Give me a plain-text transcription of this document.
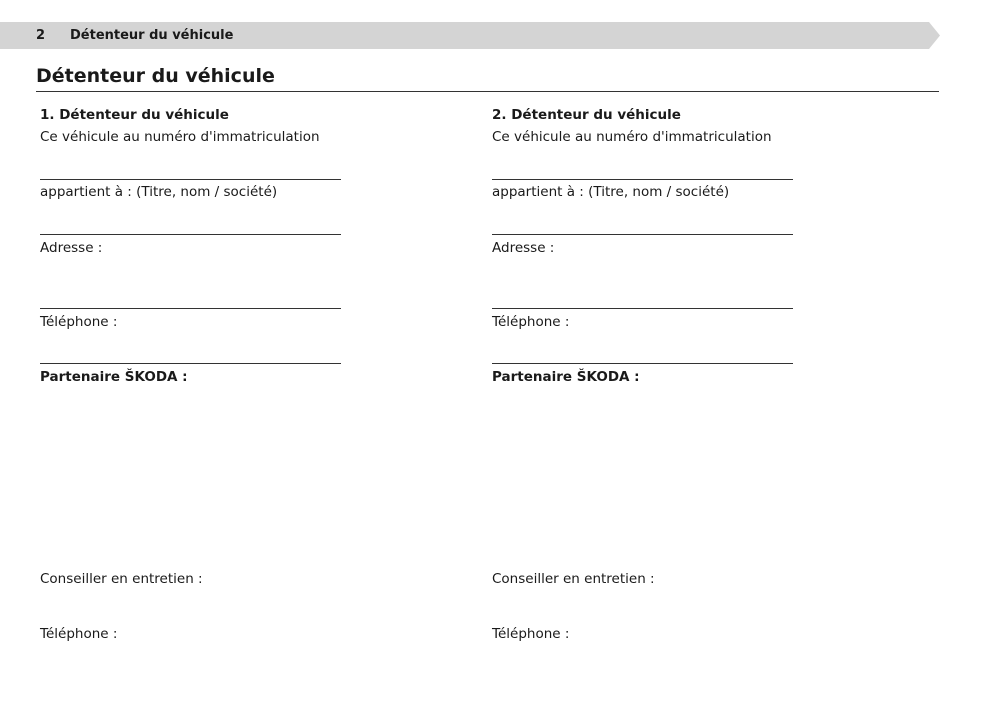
2 Détenteur du véhicule
Détenteur du véhicule
1. Détenteur du véhicule
Ce véhicule au numéro d'immatriculation
appartient à : (Titre, nom / société)
Adresse :
Téléphone :
Partenaire ŠKODA :
Conseiller en entretien :
Téléphone :
2. Détenteur du véhicule
Ce véhicule au numéro d'immatriculation
appartient à : (Titre, nom / société)
Adresse :
Téléphone :
Partenaire ŠKODA :
Conseiller en entretien :
Téléphone :
